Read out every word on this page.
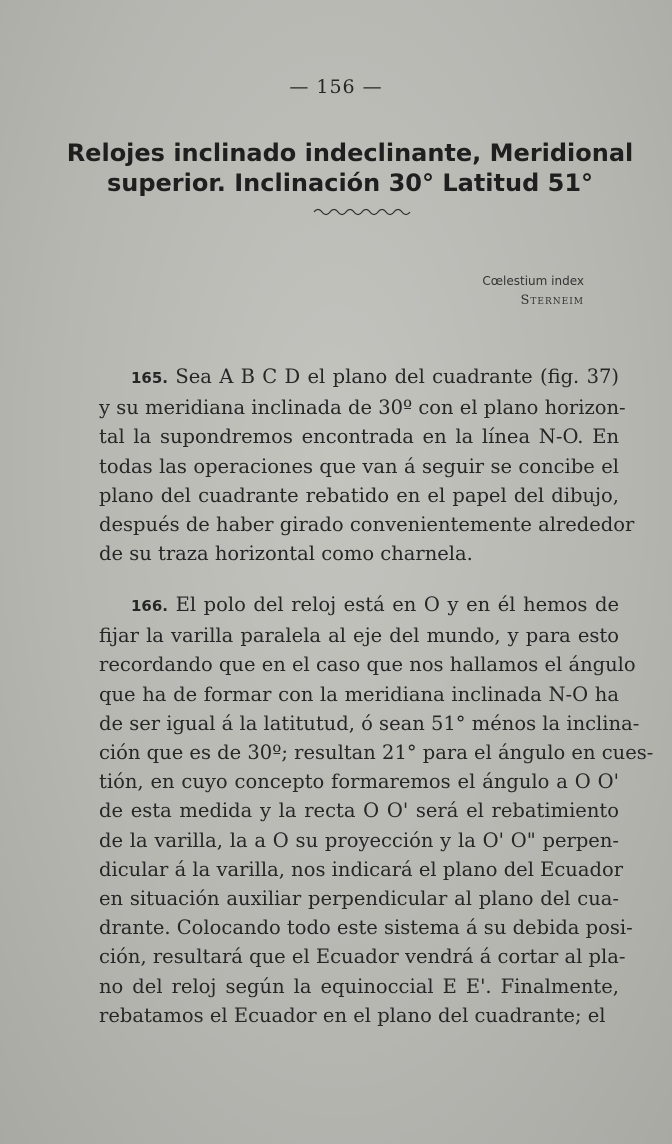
— 156 —
Relojes inclinado indeclinante, Meridional
superior. Inclinación 30° Latitud 51°
Cœlestium index
Sterneim
165. Sea A B C D el plano del cuadrante (fig. 37)
y su meridiana inclinada de 30º con el plano horizon-
tal la supondremos encontrada en la línea N-O. En
todas las operaciones que van á seguir se concibe el
plano del cuadrante rebatido en el papel del dibujo,
después de haber girado convenientemente alrededor
de su traza horizontal como charnela.
166. El polo del reloj está en O y en él hemos de
fijar la varilla paralela al eje del mundo, y para esto
recordando que en el caso que nos hallamos el ángulo
que ha de formar con la meridiana inclinada N-O ha
de ser igual á la latitutud, ó sean 51° ménos la inclina-
ción que es de 30º; resultan 21° para el ángulo en cues-
tión, en cuyo concepto formaremos el ángulo a O O'
de esta medida y la recta O O' será el rebatimiento
de la varilla, la a O su proyección y la O' O" perpen-
dicular á la varilla, nos indicará el plano del Ecuador
en situación auxiliar perpendicular al plano del cua-
drante. Colocando todo este sistema á su debida posi-
ción, resultará que el Ecuador vendrá á cortar al pla-
no del reloj según la equinoccial E E'. Finalmente,
rebatamos el Ecuador en el plano del cuadrante; el
